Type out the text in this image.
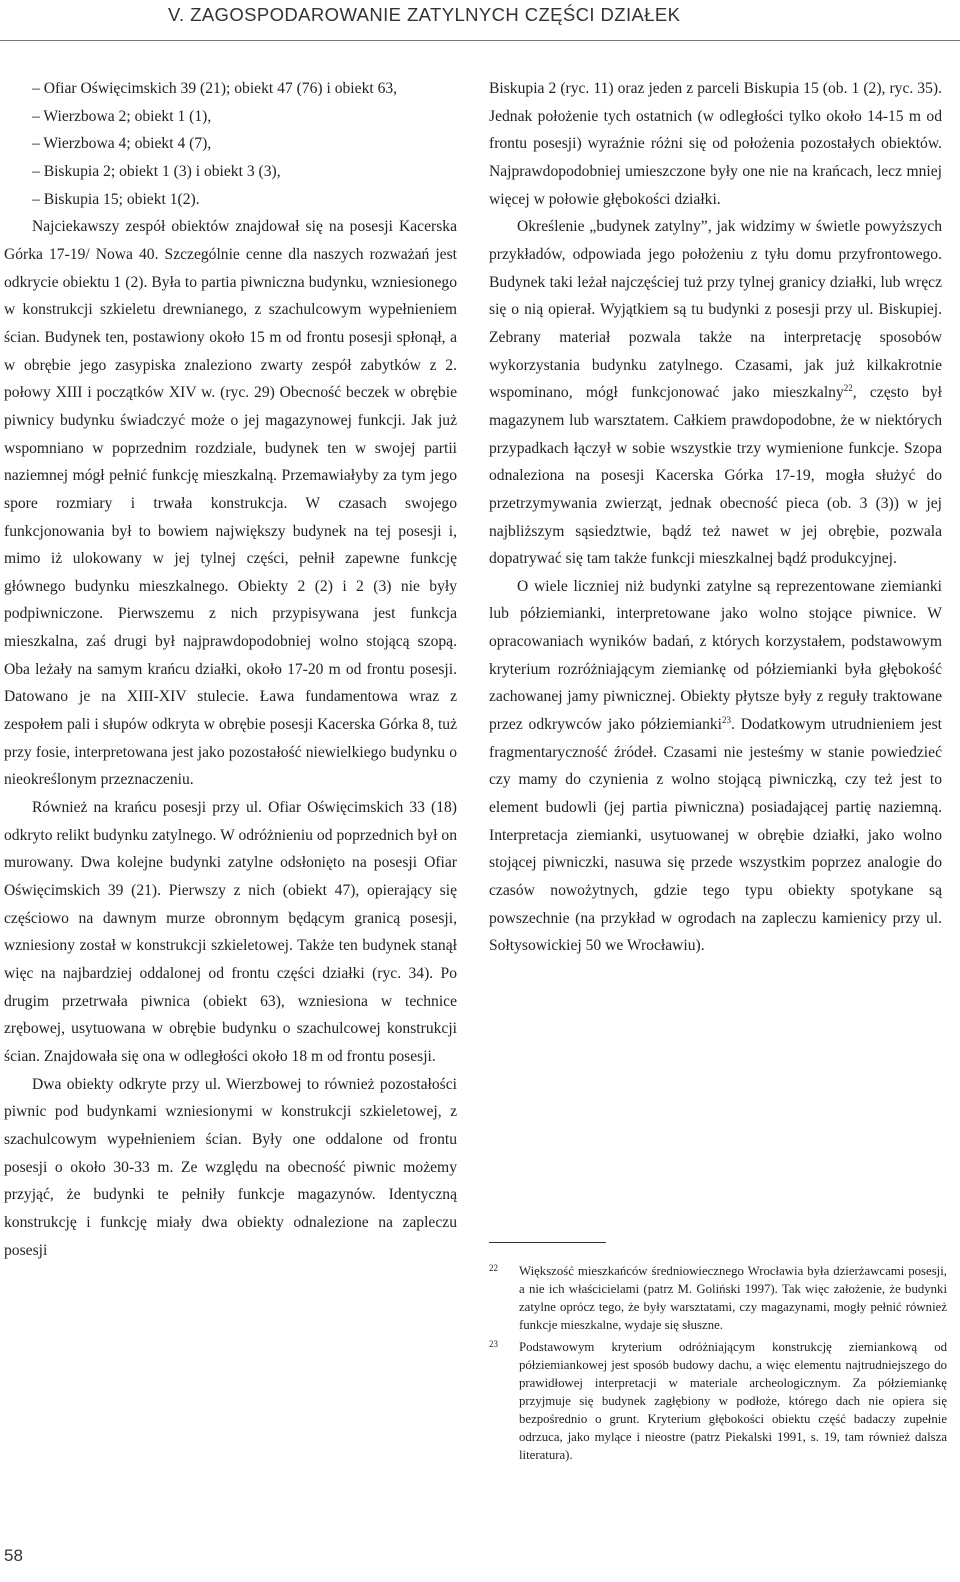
V. ZAGOSPODAROWANIE ZATYLNYCH CZĘŚCI DZIAŁEK

– Ofiar Oświęcimskich 39 (21); obiekt 47 (76) i obiekt 63,

– Wierzbowa 2; obiekt 1 (1),

– Wierzbowa 4; obiekt 4 (7),

– Biskupia 2; obiekt 1 (3) i obiekt 3 (3),

– Biskupia 15; obiekt 1(2).

Najciekawszy zespół obiektów znajdował się na posesji Kacerska Górka 17-19/ Nowa 40. Szczególnie cenne dla naszych rozważań jest odkrycie obiektu 1 (2). Była to partia piwniczna budynku, wzniesionego w konstrukcji szkieletu drewnianego, z szachulcowym wypełnieniem ścian. Budynek ten, postawiony około 15 m od frontu posesji spłonął, a w obrębie jego zasypiska znaleziono zwarty zespół zabytków z 2. połowy XIII i początków XIV w. (ryc. 29) Obecność beczek w obrębie piwnicy budynku świadczyć może o jej magazynowej funkcji. Jak już wspomniano w poprzednim rozdziale, budynek ten w swojej partii naziemnej mógł pełnić funkcję mieszkalną. Przemawiałyby za tym jego spore rozmiary i trwała konstrukcja. W czasach swojego funkcjonowania był to bowiem największy budynek na tej posesji i, mimo iż ulokowany w jej tylnej części, pełnił zapewne funkcję głównego budynku mieszkalnego. Obiekty 2 (2) i 2 (3) nie były podpiwniczone. Pierwszemu z nich przypisywana jest funkcja mieszkalna, zaś drugi był najprawdopodobniej wolno stojącą szopą. Oba leżały na samym krańcu działki, około 17-20 m od frontu posesji. Datowano je na XIII-XIV stulecie. Ława fundamentowa wraz z zespołem pali i słupów odkryta w obrębie posesji Kacerska Górka 8, tuż przy fosie, interpretowana jest jako pozostałość niewielkiego budynku o nieokreślonym przeznaczeniu.

Również na krańcu posesji przy ul. Ofiar Oświęcimskich 33 (18) odkryto relikt budynku zatylnego. W odróżnieniu od poprzednich był on murowany. Dwa kolejne budynki zatylne odsłonięto na posesji Ofiar Oświęcimskich 39 (21). Pierwszy z nich (obiekt 47), opierający się częściowo na dawnym murze obronnym będącym granicą posesji, wzniesiony został w konstrukcji szkieletowej. Także ten budynek stanął więc na najbardziej oddalonej od frontu części działki (ryc. 34). Po drugim przetrwała piwnica (obiekt 63), wzniesiona w technice zrębowej, usytuowana w obrębie budynku o szachulcowej konstrukcji ścian. Znajdowała się ona w odległości około 18 m od frontu posesji.

Dwa obiekty odkryte przy ul. Wierzbowej to również pozostałości piwnic pod budynkami wzniesionymi w konstrukcji szkieletowej, z szachulcowym wypełnieniem ścian. Były one oddalone od frontu posesji o około 30-33 m. Ze względu na obecność piwnic możemy przyjąć, że budynki te pełniły funkcje magazynów. Identyczną konstrukcję i funkcję miały dwa obiekty odnalezione na zapleczu posesji

Biskupia 2 (ryc. 11) oraz jeden z parceli Biskupia 15 (ob. 1 (2), ryc. 35). Jednak położenie tych ostatnich (w odległości tylko około 14-15 m od frontu posesji) wyraźnie różni się od położenia pozostałych obiektów. Najprawdopodobniej umieszczone były one nie na krańcach, lecz mniej więcej w połowie głębokości działki.

Określenie „budynek zatylny”, jak widzimy w świetle powyższych przykładów, odpowiada jego położeniu z tyłu domu przyfrontowego. Budynek taki leżał najczęściej tuż przy tylnej granicy działki, lub wręcz się o nią opierał. Wyjątkiem są tu budynki z posesji przy ul. Biskupiej. Zebrany materiał pozwala także na interpretację sposobów wykorzystania budynku zatylnego. Czasami, jak już kilkakrotnie wspominano, mógł funkcjonować jako mieszkalny$^{22}$, często był magazynem lub warsztatem. Całkiem prawdopodobne, że w niektórych przypadkach łączył w sobie wszystkie trzy wymienione funkcje. Szopa odnaleziona na posesji Kacerska Górka 17-19, mogła służyć do przetrzymywania zwierząt, jednak obecność pieca (ob. 3 (3)) w jej najbliższym sąsiedztwie, bądź też nawet w jej obrębie, pozwala dopatrywać się tam także funkcji mieszkalnej bądź produkcyjnej.

O wiele liczniej niż budynki zatylne są reprezentowane ziemianki lub półziemianki, interpretowane jako wolno stojące piwnice. W opracowaniach wyników badań, z których korzystałem, podstawowym kryterium rozróżniającym ziemiankę od półziemianki była głębokość zachowanej jamy piwnicznej. Obiekty płytsze były z reguły traktowane przez odkrywców jako półziemianki$^{23}$. Dodatkowym utrudnieniem jest fragmentaryczność źródeł. Czasami nie jesteśmy w stanie powiedzieć czy mamy do czynienia z wolno stojącą piwniczką, czy też jest to element budowli (jej partia piwniczna) posiadającej partię naziemną. Interpretacja ziemianki, usytuowanej w obrębie działki, jako wolno stojącej piwniczki, nasuwa się przede wszystkim poprzez analogie do czasów nowożytnych, gdzie tego typu obiekty spotykane są powszechnie (na przykład w ogrodach na zapleczu kamienicy przy ul. Sołtysowickiej 50 we Wrocławiu).

22 Większość mieszkańców średniowiecznego Wrocławia była dzierżawcami posesji, a nie ich właścicielami (patrz M. Goliński 1997). Tak więc założenie, że budynki zatylne oprócz tego, że były warsztatami, czy magazynami, mogły pełnić również funkcje mieszkalne, wydaje się słuszne.
23 Podstawowym kryterium odróżniającym konstrukcję ziemiankową od półziemiankowej jest sposób budowy dachu, a więc elementu najtrudniejszego do prawidłowej interpretacji w materiale archeologicznym. Za półziemiankę przyjmuje się budynek zagłębiony w podłoże, którego dach nie opiera się bezpośrednio o grunt. Kryterium głębokości obiektu część badaczy zupełnie odrzuca, jako mylące i nieostre (patrz Piekalski 1991, s. 19, tam również dalsza literatura).
58
